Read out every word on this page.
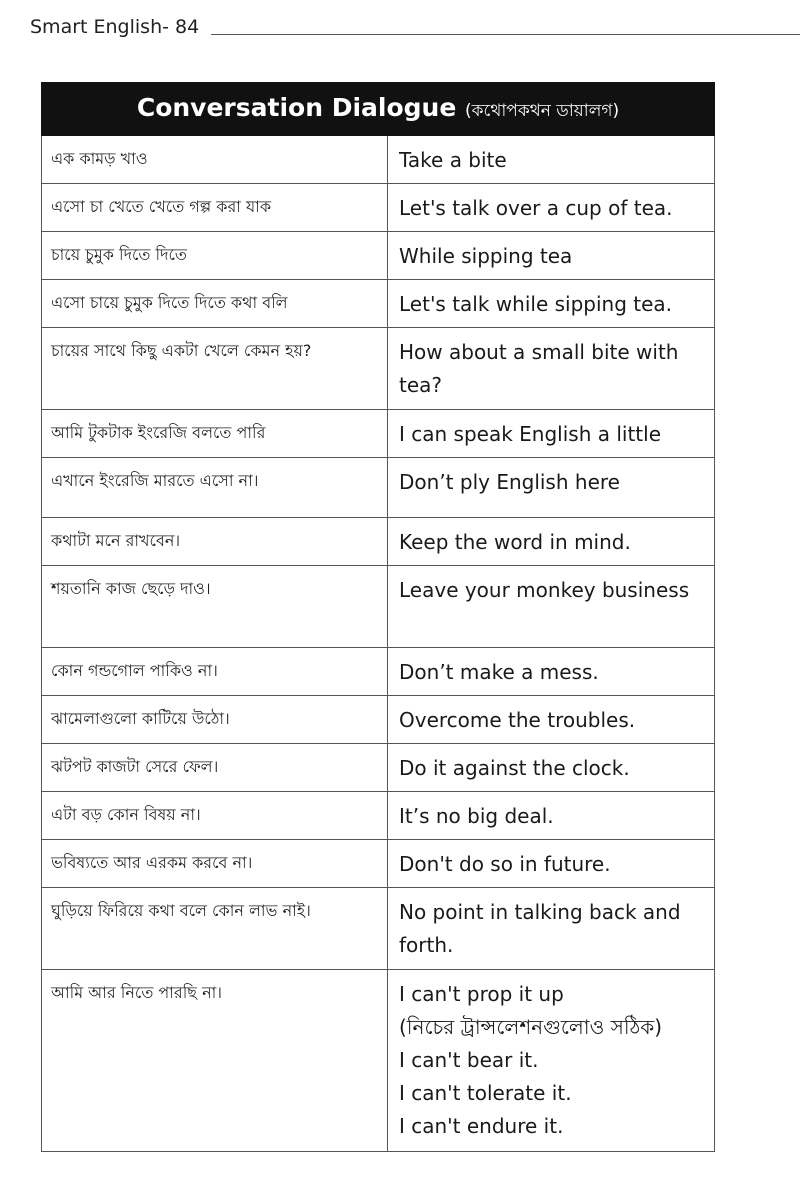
Smart English- 84
Conversation Dialogue (কথোপকথন ডায়ালগ)	
এক কামড় খাও	Take a bite

এসো চা খেতে খেতে গল্প করা যাক	Let's talk over a cup of tea.

চায়ে চুমুক দিতে দিতে	While sipping tea

এসো চায়ে চুমুক দিতে দিতে কথা বলি	Let's talk while sipping tea.

চায়ের সাথে কিছু একটা খেলে কেমন হয়?	How about a small bite with tea?

আমি টুকটাক ইংরেজি বলতে পারি	I can speak English a little

এখানে ইংরেজি মারতে এসো না।	Don’t ply English here

কথাটা মনে রাখবেন।	Keep the word in mind.

শয়তানি কাজ ছেড়ে দাও।	Leave your monkey business

কোন গন্ডগোল পাকিও না।	Don’t make a mess.

ঝামেলাগুলো কাটিয়ে উঠো।	Overcome the troubles.

ঝটপট কাজটা সেরে ফেল।	Do it against the clock.

এটা বড় কোন বিষয় না।	It’s no big deal.

ভবিষ্যতে আর এরকম করবে না।	Don't do so in future.

ঘুড়িয়ে ফিরিয়ে কথা বলে কোন লাভ নাই।	No point in talking back and forth.

আমি আর নিতে পারছি না।	I can't prop it up
(নিচের ট্রান্সলেশনগুলোও সঠিক)
I can't bear it.
I can't tolerate it.
I can't endure it.
